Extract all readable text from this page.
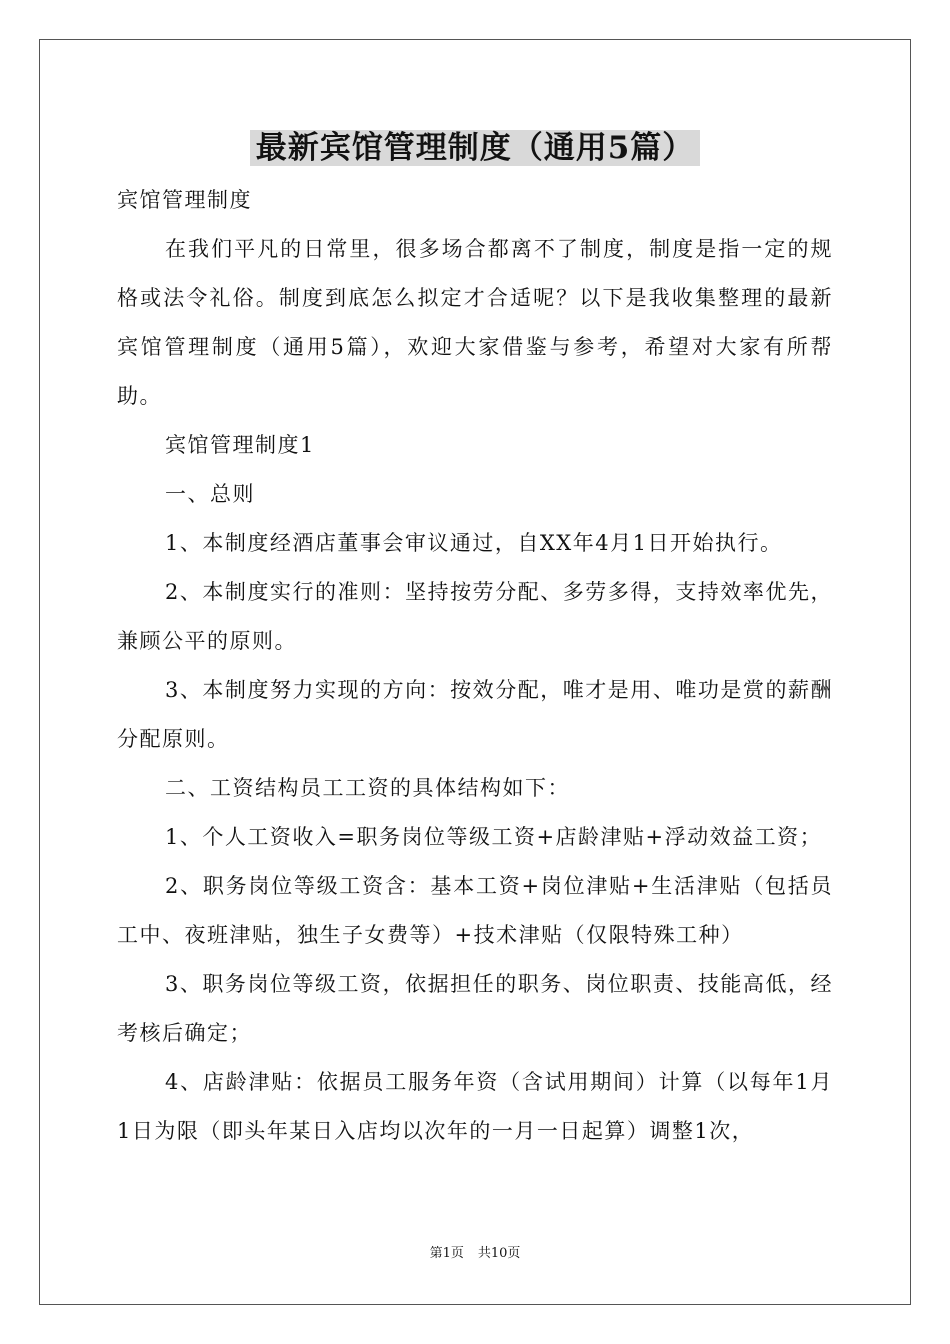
最新宾馆管理制度（通用5篇）

宾馆管理制度

在我们平凡的日常里，很多场合都离不了制度，制度是指一定的规格或法令礼俗。制度到底怎么拟定才合适呢？以下是我收集整理的最新宾馆管理制度（通用5篇），欢迎大家借鉴与参考，希望对大家有所帮助。

宾馆管理制度1

一、总则

1、本制度经酒店董事会审议通过，自XX年4月1日开始执行。

2、本制度实行的准则：坚持按劳分配、多劳多得，支持效率优先，兼顾公平的原则。

3、本制度努力实现的方向：按效分配，唯才是用、唯功是赏的薪酬分配原则。

二、工资结构员工工资的具体结构如下：

1、个人工资收入=职务岗位等级工资+店龄津贴+浮动效益工资；

2、职务岗位等级工资含：基本工资+岗位津贴+生活津贴（包括员工中、夜班津贴，独生子女费等）+技术津贴（仅限特殊工种）

3、职务岗位等级工资，依据担任的职务、岗位职责、技能高低，经考核后确定；

4、店龄津贴：依据员工服务年资（含试用期间）计算（以每年1月1日为限（即头年某日入店均以次年的一月一日起算）调整1次，

第1页 共10页
